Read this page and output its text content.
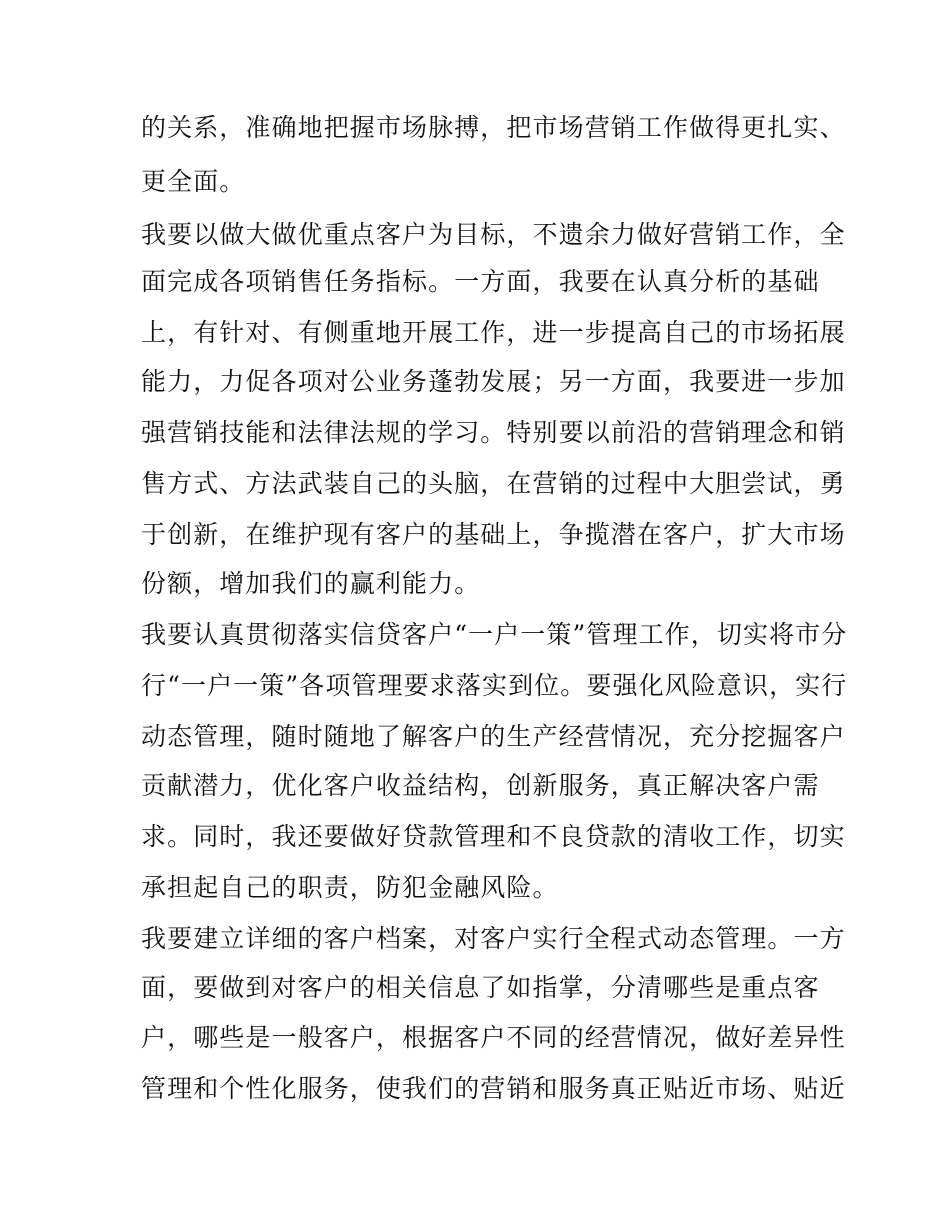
的关系，准确地把握市场脉搏，把市场营销工作做得更扎实、
更全面。
我要以做大做优重点客户为目标，不遗余力做好营销工作，全
面完成各项销售任务指标。一方面，我要在认真分析的基础
上，有针对、有侧重地开展工作，进一步提高自己的市场拓展
能力，力促各项对公业务蓬勃发展；另一方面，我要进一步加
强营销技能和法律法规的学习。特别要以前沿的营销理念和销
售方式、方法武装自己的头脑，在营销的过程中大胆尝试，勇
于创新，在维护现有客户的基础上，争揽潜在客户，扩大市场
份额，增加我们的赢利能力。
我要认真贯彻落实信贷客户“一户一策”管理工作，切实将市分
行“一户一策”各项管理要求落实到位。要强化风险意识，实行
动态管理，随时随地了解客户的生产经营情况，充分挖掘客户
贡献潜力，优化客户收益结构，创新服务，真正解决客户需
求。同时，我还要做好贷款管理和不良贷款的清收工作，切实
承担起自己的职责，防犯金融风险。
我要建立详细的客户档案，对客户实行全程式动态管理。一方
面，要做到对客户的相关信息了如指掌，分清哪些是重点客
户，哪些是一般客户，根据客户不同的经营情况，做好差异性
管理和个性化服务，使我们的营销和服务真正贴近市场、贴近
